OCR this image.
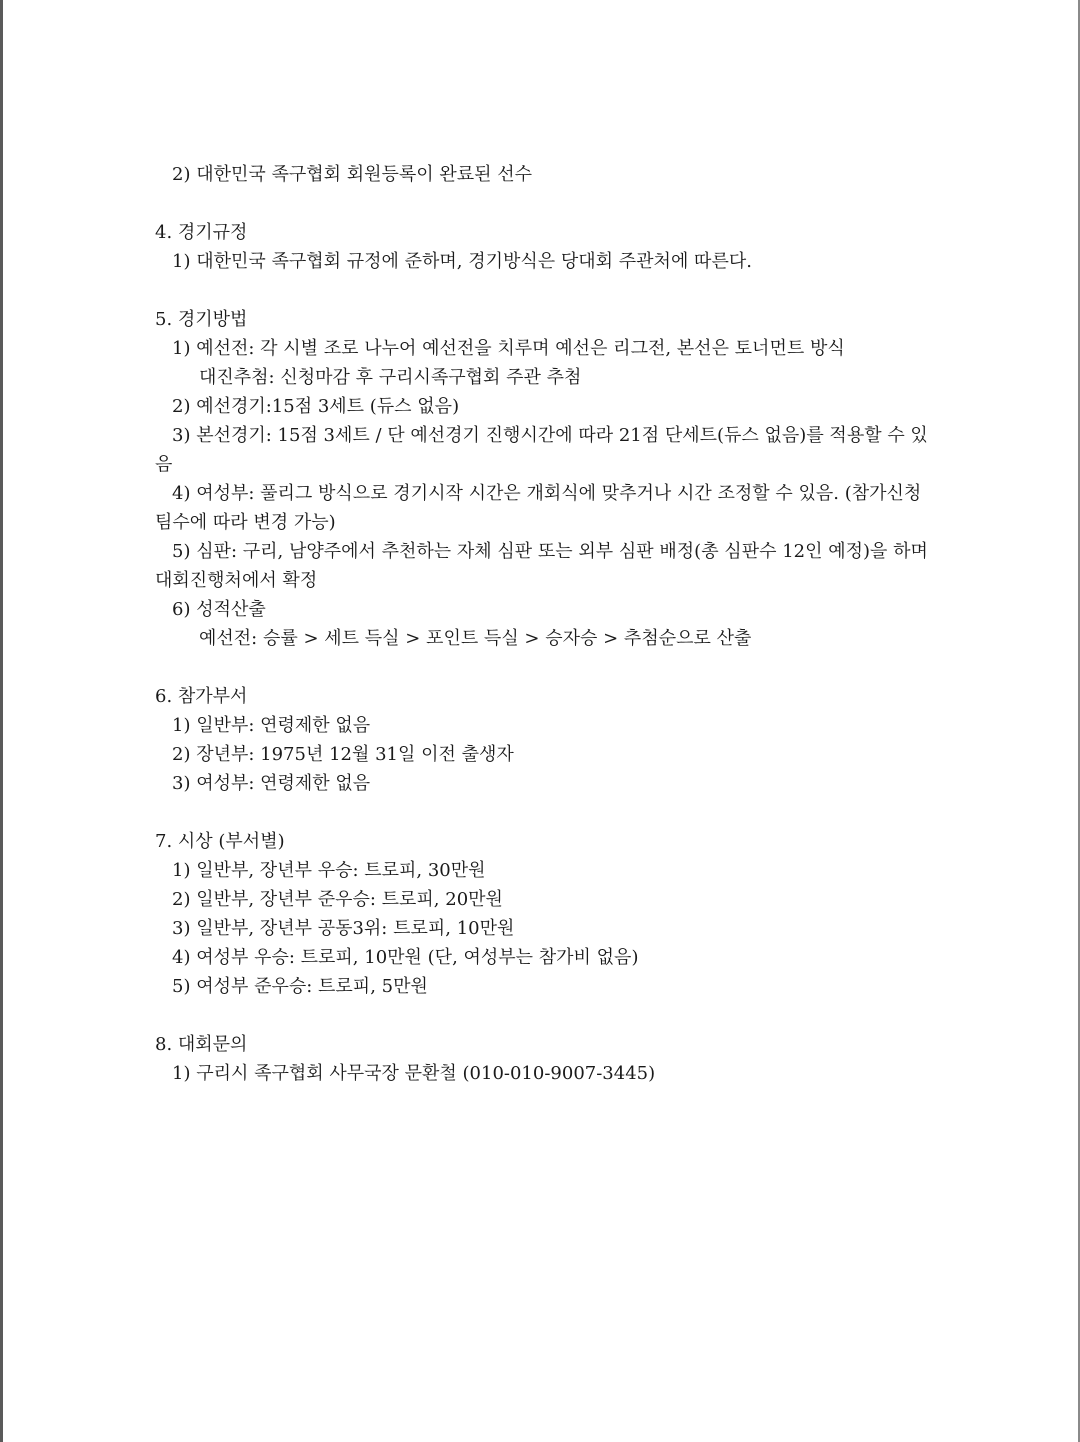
2) 대한민국 족구협회 회원등록이 완료된 선수
4. 경기규정
1) 대한민국 족구협회 규정에 준하며, 경기방식은 당대회 주관처에 따른다.
5. 경기방법
1) 예선전: 각 시별 조로 나누어 예선전을 치루며 예선은 리그전, 본선은 토너먼트 방식
대진추첨: 신청마감 후 구리시족구협회 주관 추첨
2) 예선경기:15점 3세트 (듀스 없음)
3) 본선경기: 15점 3세트 / 단 예선경기 진행시간에 따라 21점 단세트(듀스 없음)를 적용할 수 있음
4) 여성부: 풀리그 방식으로 경기시작 시간은 개회식에 맞추거나 시간 조정할 수 있음. (참가신청 팀수에 따라 변경 가능)
5) 심판: 구리, 남양주에서 추천하는 자체 심판 또는 외부 심판 배정(총 심판수 12인 예정)을 하며 대회진행처에서 확정
6) 성적산출
예선전: 승률 > 세트 득실 > 포인트 득실 > 승자승 > 추첨순으로 산출
6. 참가부서
1) 일반부: 연령제한 없음
2) 장년부: 1975년 12월 31일 이전 출생자
3) 여성부: 연령제한 없음
7. 시상 (부서별)
1) 일반부, 장년부 우승: 트로피, 30만원
2) 일반부, 장년부 준우승: 트로피, 20만원
3) 일반부, 장년부 공동3위: 트로피, 10만원
4) 여성부 우승: 트로피, 10만원 (단, 여성부는 참가비 없음)
5) 여성부 준우승: 트로피, 5만원
8. 대회문의
1) 구리시 족구협회 사무국장 문환철 (010-010-9007-3445)
